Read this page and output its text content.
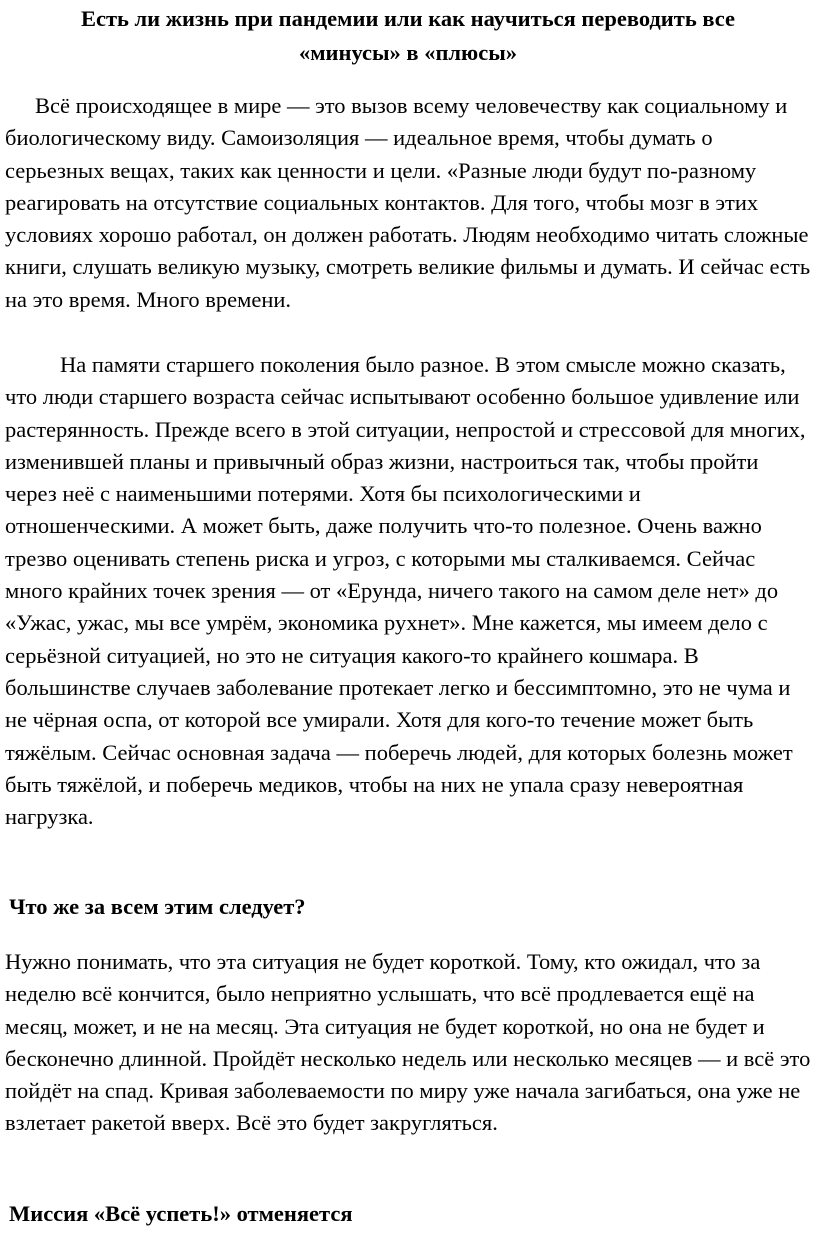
Есть ли жизнь при пандемии или как научиться переводить все «минусы» в «плюсы»

Всё происходящее в мире ― это вызов всему человечеству как социальному и биологическому виду. Самоизоляция ― идеальное время, чтобы думать о серьезных вещах, таких как ценности и цели. «Разные люди будут по-разному реагировать на отсутствие социальных контактов. Для того, чтобы мозг в этих условиях хорошо работал, он должен работать. Людям необходимо читать сложные книги, слушать великую музыку, смотреть великие фильмы и думать. И сейчас есть на это время. Много времени.

На памяти старшего поколения было разное. В этом смысле можно сказать, что люди старшего возраста сейчас испытывают особенно большое удивление или растерянность. Прежде всего в этой ситуации, непростой и стрессовой для многих, изменившей планы и привычный образ жизни, настроиться так, чтобы пройти через неё с наименьшими потерями. Хотя бы психологическими и отношенческими. А может быть, даже получить что-то полезное. Очень важно трезво оценивать степень риска и угроз, с которыми мы сталкиваемся. Сейчас много крайних точек зрения — от «Ерунда, ничего такого на самом деле нет» до «Ужас, ужас, мы все умрём, экономика рухнет». Мне кажется, мы имеем дело с серьёзной ситуацией, но это не ситуация какого-то крайнего кошмара. В большинстве случаев заболевание протекает легко и бессимптомно, это не чума и не чёрная оспа, от которой все умирали. Хотя для кого-то течение может быть тяжёлым. Сейчас основная задача — поберечь людей, для которых болезнь может быть тяжёлой, и поберечь медиков, чтобы на них не упала сразу невероятная нагрузка.

Что же за всем этим следует?

Нужно понимать, что эта ситуация не будет короткой. Тому, кто ожидал, что за неделю всё кончится, было неприятно услышать, что всё продлевается ещё на месяц, может, и не на месяц. Эта ситуация не будет короткой, но она не будет и бесконечно длинной. Пройдёт несколько недель или несколько месяцев — и всё это пойдёт на спад. Кривая заболеваемости по миру уже начала загибаться, она уже не взлетает ракетой вверх. Всё это будет закругляться.

Миссия «Всё успеть!» отменяется
